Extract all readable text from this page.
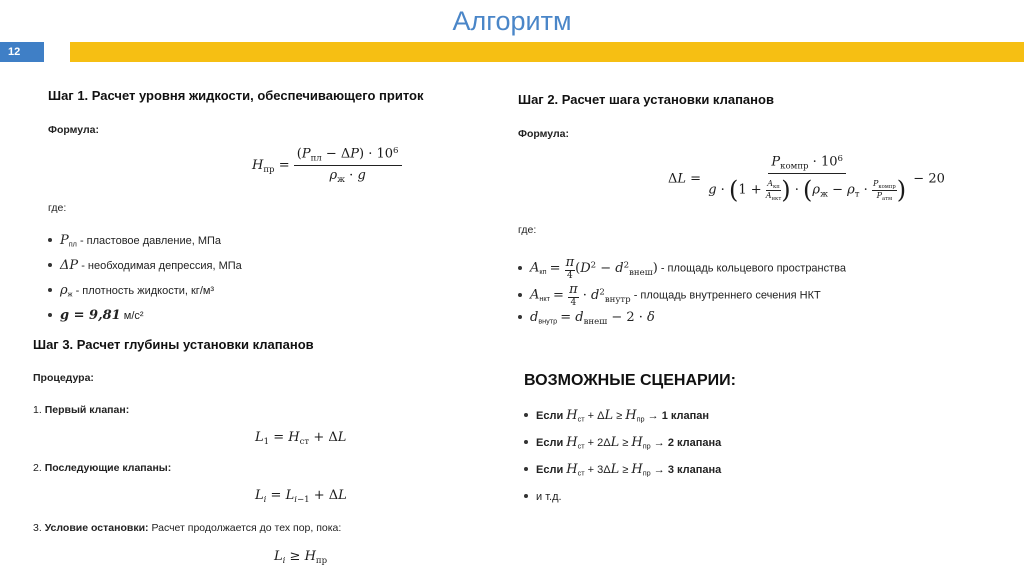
Алгоритм
12
Шаг 1. Расчет уровня жидкости, обеспечивающего приток
Формула:
$H_{пр} = \frac{(P_{пл} - \Delta P) \cdot 10^6}{\rho_ж \cdot g}$
где:
$P_{пл}$ - пластовое давление, МПа
ΔP - необходимая депрессия, МПа
$\rho_ж$ - плотность жидкости, кг/м³
g = 9,81 м/с²
Шаг 3. Расчет глубины установки клапанов
Процедура:
1. Первый клапан:
$L_1 = H_{ст} + \Delta L$
2. Последующие клапаны:
$L_i = L_{i-1} + \Delta L$
3. Условие остановки: Расчет продолжается до тех пор, пока:
$L_i \ge H_{пр}$
Шаг 2. Расчет шага установки клапанов
Формула:
$\Delta L = \frac{P_{компр} \cdot 10^6}{g \cdot (1 + \frac{A_{кп}}{A_{нкт}} ) \cdot (\rho_ж - \rho_т \cdot \frac{P_{компр}}{P_{атм}} )} - 20$
где:
$A_{кп} = \frac{\pi}{4} (D^2 - d^2_{внеш})$ - площадь кольцевого пространства
$A_{нкт} = \frac{\pi}{4} \cdot d^2_{внутр}$ - площадь внутреннего сечения НКТ
$d_{внутр} = d_{внеш} - 2 \cdot \delta$
ВОЗМОЖНЫЕ СЦЕНАРИИ:
Если $H_{ст} + \Delta L \ge H_{пр} \to 1$ клапан
Если $H_{ст} + 2\Delta L \ge H_{пр} \to 2$ клапана
Если $H_{ст} + 3\Delta L \ge H_{пр} \to 3$ клапана
и т.д.
